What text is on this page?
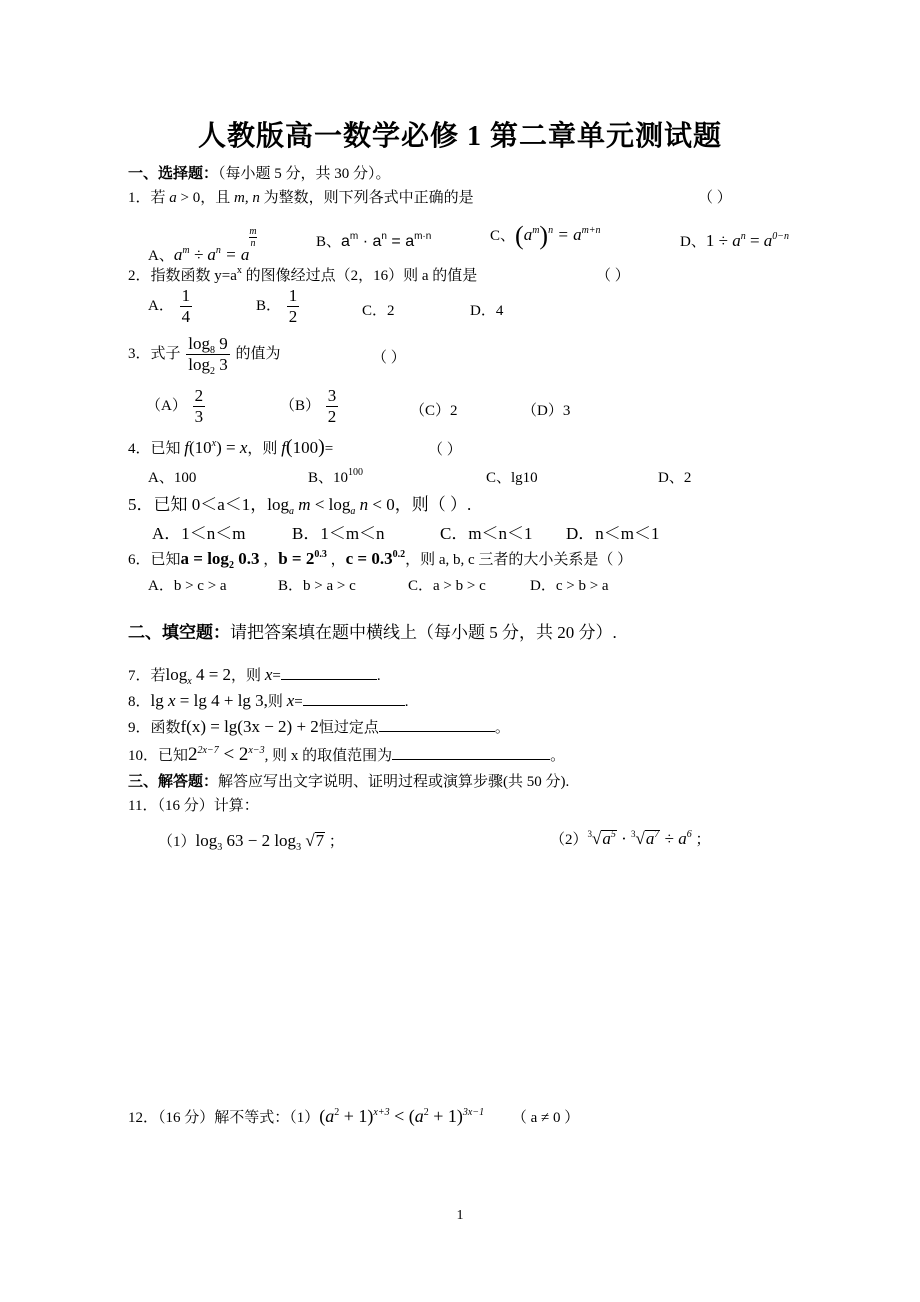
人教版高一数学必修 1 第二章单元测试题
一、选择题：（每小题 5 分，共 30 分）。
1．若 a > 0，且 m, n 为整数，则下列各式中正确的是	（ ）
A、$a^m \div a^n = a$
$\frac{m}{n}$	B、$a^m \cdot a^n = a^{m\cdot n}$	C、$(a^m)^n = a^{m+n}$
D、$1 \div a^n = a^{0-n}$
2．指数函数 $y=a^x$ 的图像经过点（2，16）则 a 的值是	（ ）
A． $\frac{1}{4}$	B． $\frac{1}{2}$	C．2	D．4
3．式子 $\frac{\log_8 9}{\log_2 3}$ 的值为	（ ）
$(A) \frac{2}{3}$	$(B) \frac{3}{2}$	（C）2	（D）3
4．已知 $f(10^x) = x$，则 f(100)=	（ ）
A、100	B、$10^{100}$	C、lg10	D、2
5．已知 0＜a＜1，$\log_a m < \log_a n < 0$，则（ ）.
A．1＜n＜m	B．1＜m＜n	C．m＜n＜1 D．n＜m＜1
6．已知$a = \log_2 0.3$ ，$b = 2^{0.3}$ ，$c = 0.3^{0.2}$，则 a, b, c 三者的大小关系是（ ）
A．b > c > a	B．b > a > c	C．a > b > c	D．c > b > a
二、填空题：请把答案填在题中横线上（每小题 5 分，共 20 分）.
7．若$\log_x 4 = 2$，则 x=	.
8．lg x = lg 4 + lg 3,则 x=	.
9．函数f(x) = lg(3x − 2) + 2恒过定点	。
10．已知$2^{2x-7} < 2^{x-3}$, 则 x 的取值范围为	。
三、解答题：解答应写出文字说明、证明过程或演算步骤(共 50 分).
11．（16 分）计算：
$(1)\log_3$ 63 − 2 $\log_3 √7$ ；	$(2)^3√a^5 \cdot ^3√a^7 \div a^6$ ；
12．（16 分）解不等式：$(1)(a^2 + 1)^{x+3} < (a^2 + 1)^{3x-1}$ （ a ≠ 0 ）
1
